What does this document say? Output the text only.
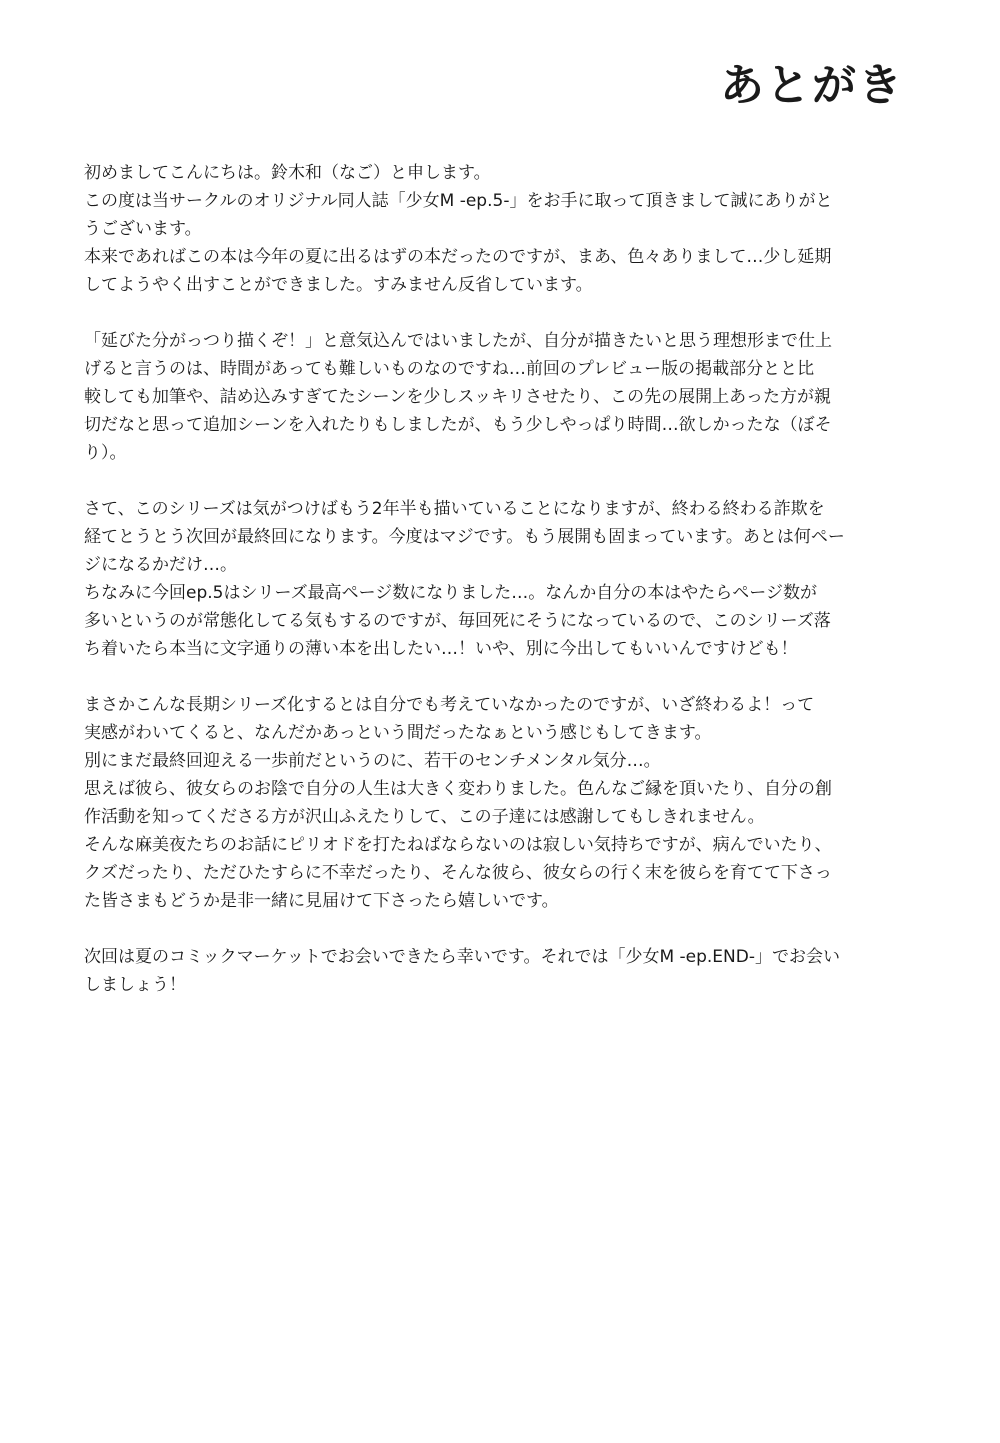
あとがき
初めましてこんにちは。鈴木和（なご）と申します。
この度は当サークルのオリジナル同人誌「少女M -ep.5-」をお手に取って頂きまして誠にありがと
うございます。
本来であればこの本は今年の夏に出るはずの本だったのですが、まあ、色々ありまして…少し延期
してようやく出すことができました。すみません反省しています。
「延びた分がっつり描くぞ！」と意気込んではいましたが、自分が描きたいと思う理想形まで仕上
げると言うのは、時間があっても難しいものなのですね…前回のプレビュー版の掲載部分とと比
較しても加筆や、詰め込みすぎてたシーンを少しスッキリさせたり、この先の展開上あった方が親
切だなと思って追加シーンを入れたりもしましたが、もう少しやっぱり時間…欲しかったな（ぼそ
り）。
さて、このシリーズは気がつけばもう2年半も描いていることになりますが、終わる終わる詐欺を
経てとうとう次回が最終回になります。今度はマジです。もう展開も固まっています。あとは何ペー
ジになるかだけ…。
ちなみに今回ep.5はシリーズ最高ページ数になりました…。なんか自分の本はやたらページ数が
多いというのが常態化してる気もするのですが、毎回死にそうになっているので、このシリーズ落
ち着いたら本当に文字通りの薄い本を出したい…！いや、別に今出してもいいんですけども！
まさかこんな長期シリーズ化するとは自分でも考えていなかったのですが、いざ終わるよ！って
実感がわいてくると、なんだかあっという間だったなぁという感じもしてきます。
別にまだ最終回迎える一歩前だというのに、若干のセンチメンタル気分…。
思えば彼ら、彼女らのお陰で自分の人生は大きく変わりました。色んなご縁を頂いたり、自分の創
作活動を知ってくださる方が沢山ふえたりして、この子達には感謝してもしきれません。
そんな麻美夜たちのお話にピリオドを打たねばならないのは寂しい気持ちですが、病んでいたり、
クズだったり、ただひたすらに不幸だったり、そんな彼ら、彼女らの行く末を彼らを育てて下さっ
た皆さまもどうか是非一緒に見届けて下さったら嬉しいです。
次回は夏のコミックマーケットでお会いできたら幸いです。それでは「少女M -ep.END-」でお会い
しましょう！
